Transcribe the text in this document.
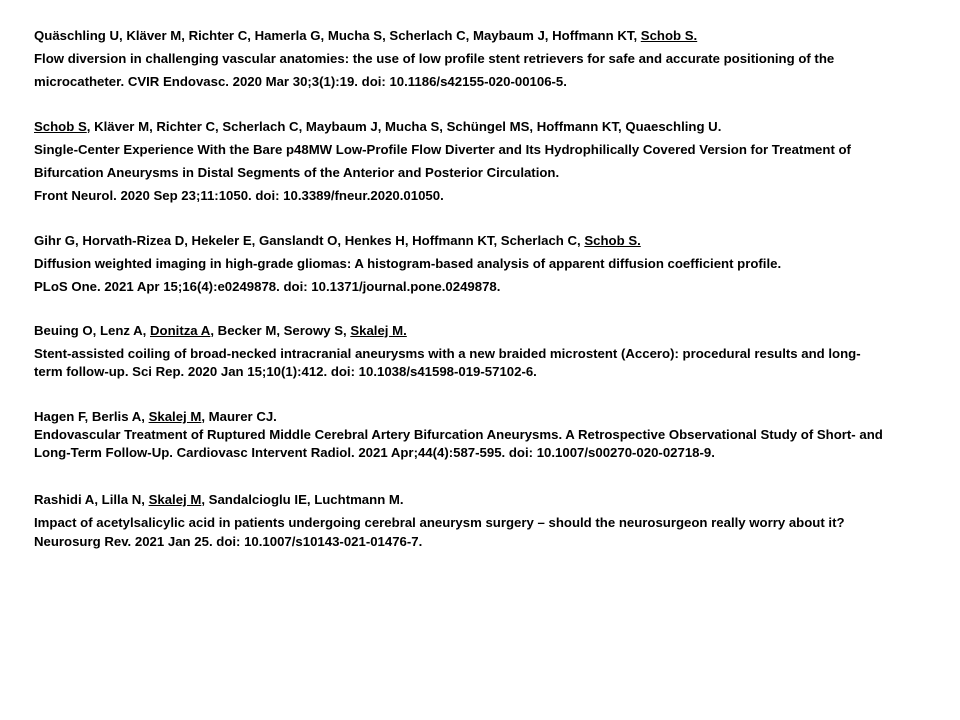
Quäschling U, Kläver M, Richter C, Hamerla G, Mucha S, Scherlach C, Maybaum J, Hoffmann KT, Schob S.
Flow diversion in challenging vascular anatomies: the use of low profile stent retrievers for safe and accurate positioning of the
microcatheter. CVIR Endovasc. 2020 Mar 30;3(1):19. doi: 10.1186/s42155-020-00106-5.
Schob S, Kläver M, Richter C, Scherlach C, Maybaum J, Mucha S, Schüngel MS, Hoffmann KT, Quaeschling U.
Single-Center Experience With the Bare p48MW Low-Profile Flow Diverter and Its Hydrophilically Covered Version for Treatment of
Bifurcation Aneurysms in Distal Segments of the Anterior and Posterior Circulation.
Front Neurol. 2020 Sep 23;11:1050. doi: 10.3389/fneur.2020.01050.
Gihr G, Horvath-Rizea D, Hekeler E, Ganslandt O, Henkes H, Hoffmann KT, Scherlach C, Schob S.
Diffusion weighted imaging in high-grade gliomas: A histogram-based analysis of apparent diffusion coefficient profile.
PLoS One. 2021 Apr 15;16(4):e0249878. doi: 10.1371/journal.pone.0249878.
Beuing O, Lenz A, Donitza A, Becker M, Serowy S, Skalej M.
Stent-assisted coiling of broad-necked intracranial aneurysms with a new braided microstent (Accero): procedural results and long-
term follow-up. Sci Rep. 2020 Jan 15;10(1):412. doi: 10.1038/s41598-019-57102-6.
Hagen F, Berlis A, Skalej M, Maurer CJ.
Endovascular Treatment of Ruptured Middle Cerebral Artery Bifurcation Aneurysms. A Retrospective Observational Study of Short- and
Long-Term Follow-Up. Cardiovasc Intervent Radiol. 2021 Apr;44(4):587-595. doi: 10.1007/s00270-020-02718-9.
Rashidi A, Lilla N, Skalej M, Sandalcioglu IE, Luchtmann M.
Impact of acetylsalicylic acid in patients undergoing cerebral aneurysm surgery – should the neurosurgeon really worry about it?
Neurosurg Rev. 2021 Jan 25. doi: 10.1007/s10143-021-01476-7.
